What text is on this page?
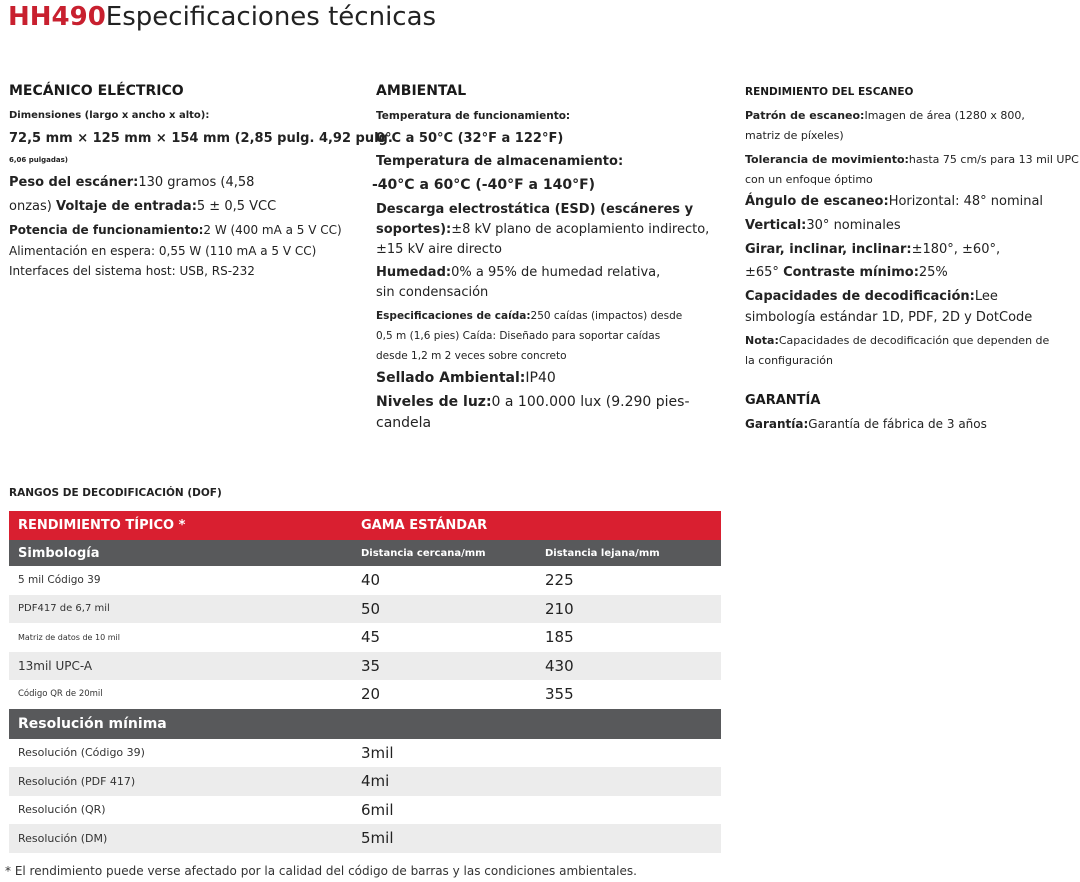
HH490Especificaciones técnicas
MECÁNICO ELÉCTRICO
Dimensiones (largo x ancho x alto):
72,5 mm × 125 mm × 154 mm (2,85 pulg. 4,92 pulg.
6,06 pulgadas)
Peso del escáner:130 gramos (4,58
onzas) Voltaje de entrada:5 ± 0,5 VCC
Potencia de funcionamiento:2 W (400 mA a 5 V CC)
Alimentación en espera: 0,55 W (110 mA a 5 V CC)
Interfaces del sistema host: USB, RS-232
AMBIENTAL
Temperatura de funcionamiento:
0°C a 50°C (32°F a 122°F)
Temperatura de almacenamiento:
-40°C a 60°C (-40°F a 140°F)
Descarga electrostática (ESD) (escáneres y
soportes):±8 kV plano de acoplamiento indirecto,
±15 kV aire directo
Humedad:0% a 95% de humedad relativa,
sin condensación
Especificaciones de caída:250 caídas (impactos) desde
0,5 m (1,6 pies) Caída: Diseñado para soportar caídas
desde 1,2 m 2 veces sobre concreto
Sellado Ambiental:IP40
Niveles de luz:0 a 100.000 lux (9.290 pies-
candela
RENDIMIENTO DEL ESCANEO
Patrón de escaneo:Imagen de área (1280 x 800,
matriz de píxeles)
Tolerancia de movimiento:hasta 75 cm/s para 13 mil UPC
con un enfoque óptimo
Ángulo de escaneo:Horizontal: 48° nominal
Vertical:30° nominales
Girar, inclinar, inclinar:±180°, ±60°,
±65° Contraste mínimo:25%
Capacidades de decodificación:Lee
simbología estándar 1D, PDF, 2D y DotCode
Nota:Capacidades de decodificación que dependen de
la configuración
GARANTÍA
Garantía:Garantía de fábrica de 3 años
RANGOS DE DECODIFICACIÓN (DOF)
RENDIMIENTO TÍPICO *	GAMA ESTÁNDAR
Simbología	Distancia cercana/mm	Distancia lejana/mm
5 mil Código 39	40	225
PDF417 de 6,7 mil	50	210
Matriz de datos de 10 mil	45	185
13mil UPC-A	35	430
Código QR de 20mil	20	355
Resolución mínima
Resolución (Código 39)	3mil
Resolución (PDF 417)	4mi
Resolución (QR)	6mil
Resolución (DM)	5mil
* El rendimiento puede verse afectado por la calidad del código de barras y las condiciones ambientales.
